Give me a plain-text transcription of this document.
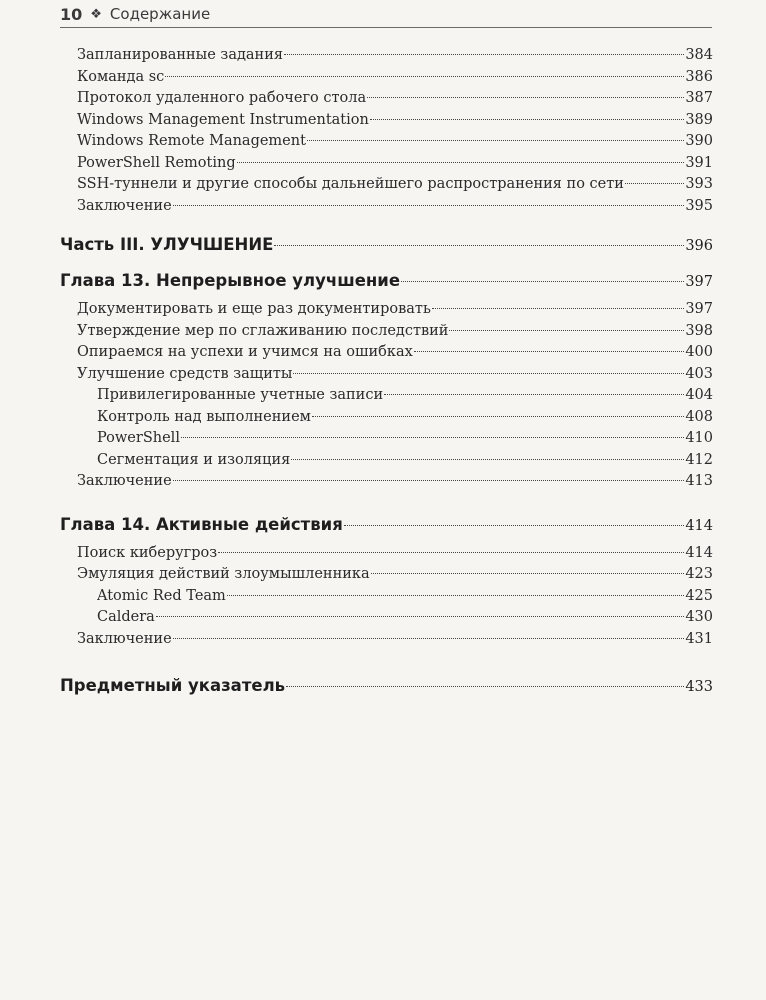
10 ❖ Содержание
Запланированные задания	384
Команда sc	386
Протокол удаленного рабочего стола	387
Windows Management Instrumentation	389
Windows Remote Management	390
PowerShell Remoting	391
SSH-туннели и другие способы дальнейшего распространения по сети	393
Заключение	395
Часть III. УЛУЧШЕНИЕ	396
Глава 13. Непрерывное улучшение	397
Документировать и еще раз документировать	397
Утверждение мер по сглаживанию последствий	398
Опираемся на успехи и учимся на ошибках	400
Улучшение средств защиты	403
Привилегированные учетные записи	404
Контроль над выполнением	408
PowerShell	410
Сегментация и изоляция	412
Заключение	413
Глава 14. Активные действия	414
Поиск киберугроз	414
Эмуляция действий злоумышленника	423
Atomic Red Team	425
Caldera	430
Заключение	431
Предметный указатель	433
